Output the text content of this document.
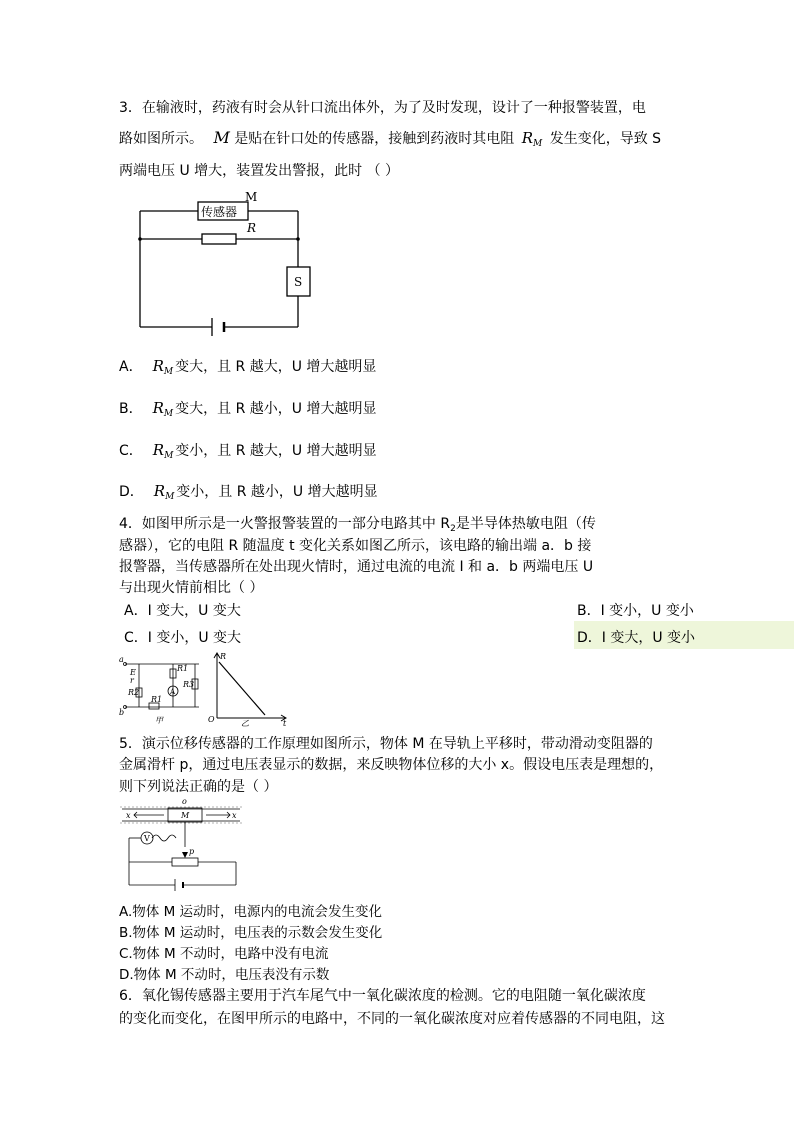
3．在输液时，药液有时会从针口流出体外，为了及时发现，设计了一种报警装置，电
路如图所示。 M 是贴在针口处的传感器，接触到药液时其电阻 $R_M$ 发生变化，导致 S
两端电压 U 增大，装置发出警报，此时 （ ）
传感器
M
R
S
A． $R_M$ 变大，且 R 越大，U 增大越明显
B． $R_M$ 变大，且 R 越小，U 增大越明显
C． $R_M$ 变小，且 R 越大，U 增大越明显
D． $R_M$ 变小，且 R 越小，U 增大越明显
4．如图甲所示是一火警报警装置的一部分电路其中 $R_2$是半导体热敏电阻（传
感器），它的电阻 R 随温度 t 变化关系如图乙所示，该电路的输出端 a．b 接
报警器，当传感器所在处出现火情时，通过电流的电流 I 和 a．b 两端电压 U
与出现火情前相比（ ）
A．I 变大，U 变大	B．I 变小，U 变小
C．I 变小，U 变大	D．I 变大，U 变小
a
b
E
r
R2
R1
R3
R1
A
甲
R
O	乙	t
5．演示位移传感器的工作原理如图所示，物体 M 在导轨上平移时，带动滑动变阻器的
金属滑杆 p，通过电压表显示的数据，来反映物体位移的大小 x。假设电压表是理想的，
则下列说法正确的是（ ）
o
M
x	x
V
p
A.物体 M 运动时，电源内的电流会发生变化
B.物体 M 运动时，电压表的示数会发生变化
C.物体 M 不动时，电路中没有电流
D.物体 M 不动时，电压表没有示数
6．氧化锡传感器主要用于汽车尾气中一氧化碳浓度的检测。它的电阻随一氧化碳浓度
的变化而变化，在图甲所示的电路中，不同的一氧化碳浓度对应着传感器的不同电阻，这
